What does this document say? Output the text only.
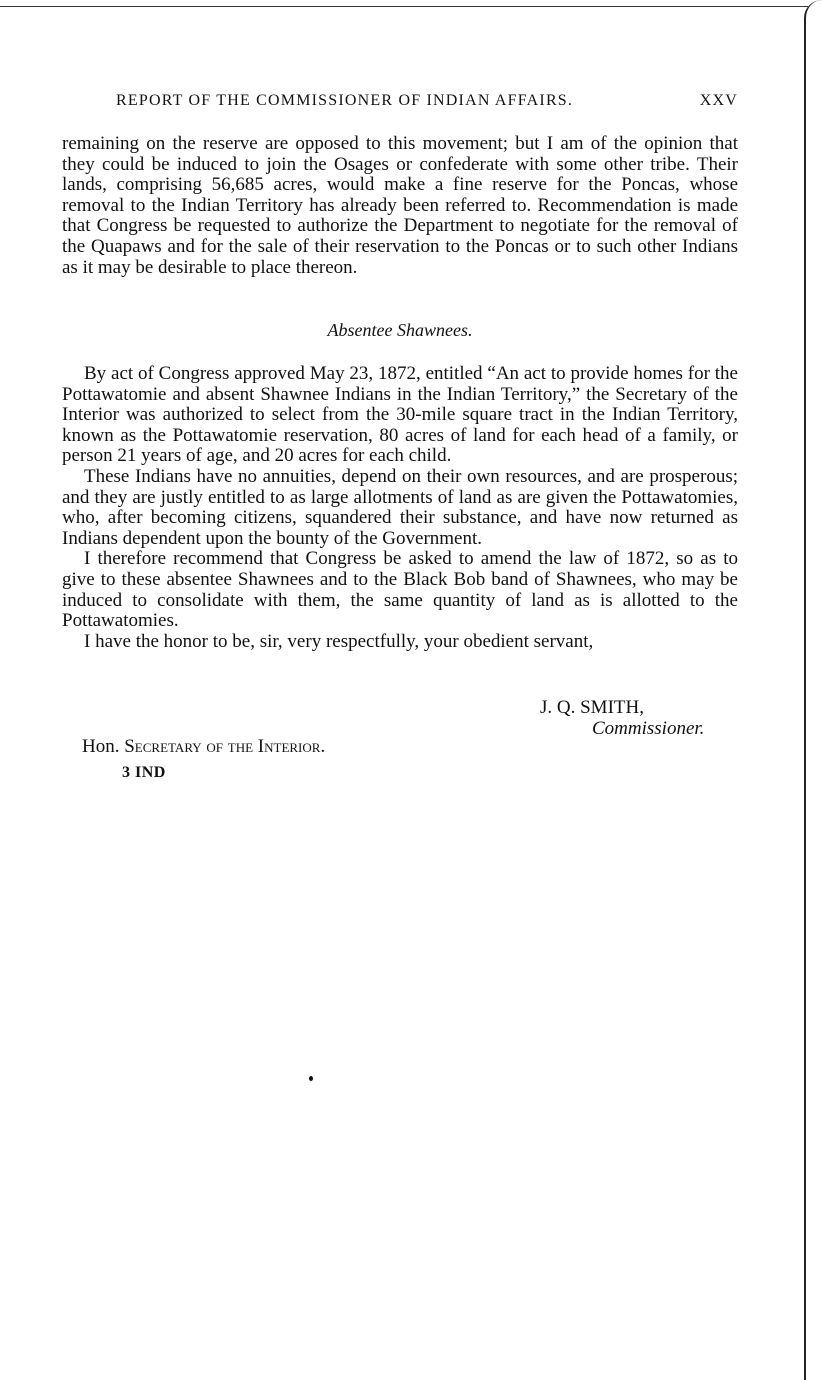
REPORT OF THE COMMISSIONER OF INDIAN AFFAIRS.	XXV

remaining on the reserve are opposed to this movement; but I am of the opinion that they could be induced to join the Osages or confederate with some other tribe. Their lands, comprising 56,685 acres, would make a fine reserve for the Poncas, whose removal to the Indian Territory has already been referred to. Recommendation is made that Congress be requested to authorize the Department to negotiate for the removal of the Quapaws and for the sale of their reservation to the Poncas or to such other Indians as it may be desirable to place thereon.

Absentee Shawnees.

By act of Congress approved May 23, 1872, entitled “An act to provide homes for the Pottawatomie and absent Shawnee Indians in the Indian Territory,” the Secretary of the Interior was authorized to select from the 30-mile square tract in the Indian Territory, known as the Pottawatomie reservation, 80 acres of land for each head of a family, or person 21 years of age, and 20 acres for each child.

These Indians have no annuities, depend on their own resources, and are prosperous; and they are justly entitled to as large allotments of land as are given the Pottawatomies, who, after becoming citizens, squandered their substance, and have now returned as Indians dependent upon the bounty of the Government.

I therefore recommend that Congress be asked to amend the law of 1872, so as to give to these absentee Shawnees and to the Black Bob band of Shawnees, who may be induced to consolidate with them, the same quantity of land as is allotted to the Pottawatomies.

I have the honor to be, sir, very respectfully, your obedient servant,

J. Q. SMITH,
Commissioner.
Hon. Secretary of the Interior.
3 IND
